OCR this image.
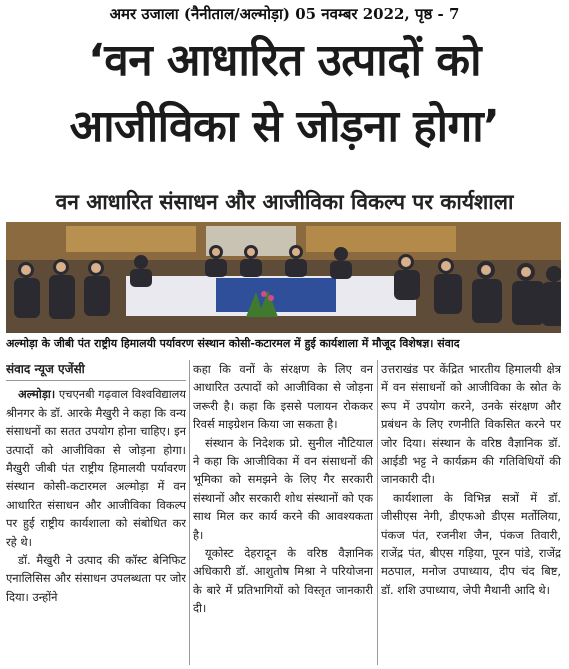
अमर उजाला (नैनीताल/अल्मोड़ा) 05 नवम्बर 2022, पृष्ठ - 7
‘वन आधारित उत्पादों को
आजीविका से जोड़ना होगा’
वन आधारित संसाधन और आजीविका विकल्प पर कार्यशाला
अल्मोड़ा के जीबी पंत राष्ट्रीय हिमालयी पर्यावरण संस्थान कोसी-कटारमल में हुई कार्यशाला में मौजूद विशेषज्ञ। संवाद
संवाद न्यूज एजेंसी

अल्मोड़ा। एचएनबी गढ़वाल विश्वविद्यालय श्रीनगर के डॉ. आरके मैखुरी ने कहा कि वन्य संसाधनों का सतत उपयोग होना चाहिए। इन उत्पादों को आजीविका से जोड़ना होगा। मैखुरी जीबी पंत राष्ट्रीय हिमालयी पर्यावरण संस्थान कोसी-कटारमल अल्मोड़ा में वन आधारित संसाधन और आजीविका विकल्प पर हुई राष्ट्रीय कार्यशाला को संबोधित कर रहे थे।

डॉ. मैखुरी ने उत्पाद की कॉस्ट बेनिफिट एनालिसिस और संसाधन उपलब्धता पर जोर दिया। उन्होंने

कहा कि वनों के संरक्षण के लिए वन आधारित उत्पादों को आजीविका से जोड़ना जरूरी है। कहा कि इससे पलायन रोककर रिवर्स माइग्रेशन किया जा सकता है।

संस्थान के निदेशक प्रो. सुनील नौटियाल ने कहा कि आजीविका में वन संसाधनों की भूमिका को समझने के लिए गैर सरकारी संस्थानों और सरकारी शोध संस्थानों को एक साथ मिल कर कार्य करने की आवश्यकता है।

यूकोस्ट देहरादून के वरिष्ठ वैज्ञानिक अधिकारी डॉ. आशुतोष मिश्रा ने परियोजना के बारे में प्रतिभागियों को विस्तृत जानकारी दी।

उत्तराखंड पर केंद्रित भारतीय हिमालयी क्षेत्र में वन संसाधनों को आजीविका के स्रोत के रूप में उपयोग करने, उनके संरक्षण और प्रबंधन के लिए रणनीति विकसित करने पर जोर दिया। संस्थान के वरिष्ठ वैज्ञानिक डॉ. आईडी भट्ट ने कार्यक्रम की गतिविधियों की जानकारी दी।

कार्यशाला के विभिन्न सत्रों में डॉ. जीसीएस नेगी, डीएफओ डीएस मर्तोलिया, पंकज पंत, रजनीश जैन, पंकज तिवारी, राजेंद्र पंत, बीएस गड़िया, पूरन पांडे, राजेंद्र मठपाल, मनोज उपाध्याय, दीप चंद बिष्ट, डॉ. शशि उपाध्याय, जेपी मैथानी आदि थे।
